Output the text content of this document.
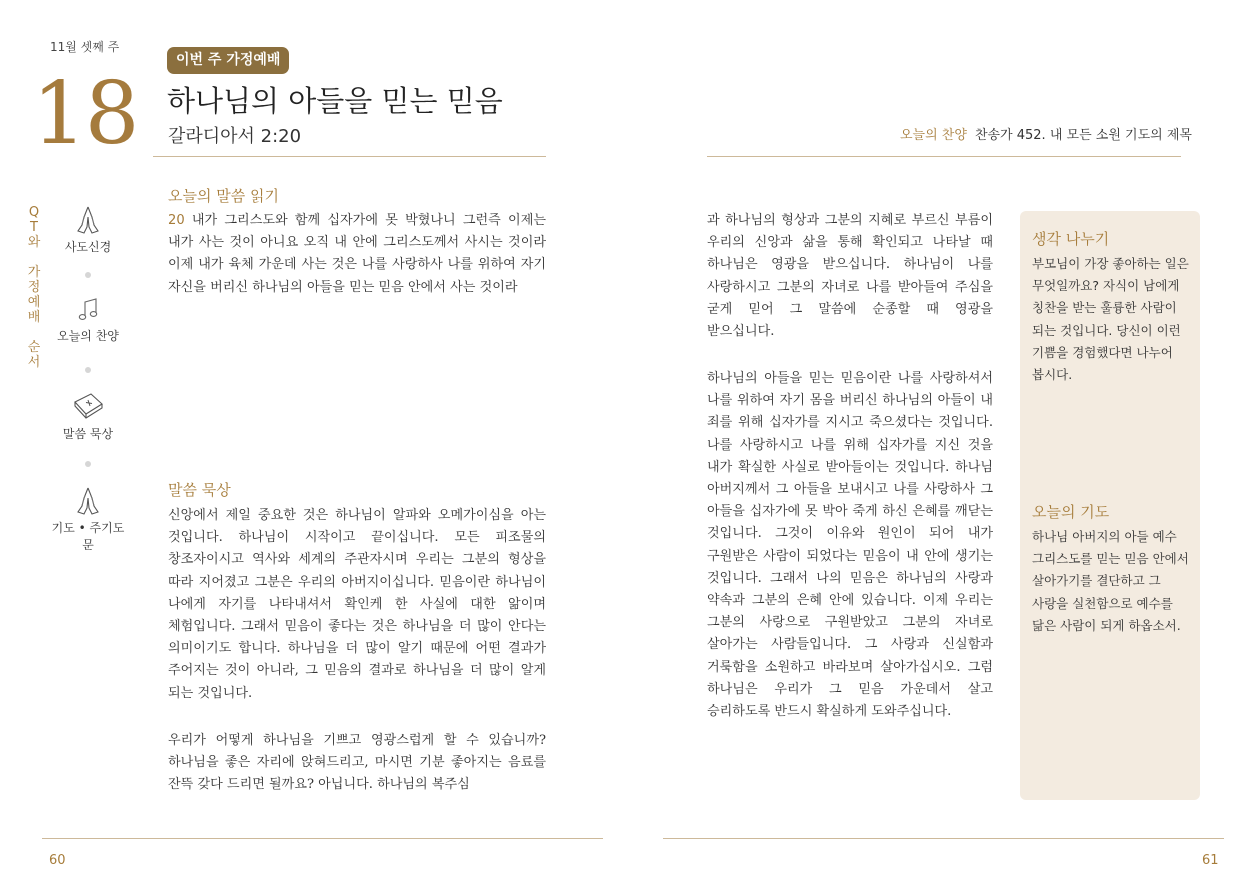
11월 셋째 주
18
이번 주 가정예배
하나님의 아들을 믿는 믿음
갈라디아서 2:20	오늘의 찬양 찬송가 452. 내 모든 소원 기도의 제목
Q
T
와
가
정
예
배
순
서
사도신경
오늘의 찬양
말씀 묵상
기도 • 주기도문
오늘의 말씀 읽기
20 내가 그리스도와 함께 십자가에 못 박혔나니 그런즉 이제는 내가 사는 것이 아니요 오직 내 안에 그리스도께서 사시는 것이라 이제 내가 육체 가운데 사는 것은 나를 사랑하사 나를 위하여 자기 자신을 버리신 하나님의 아들을 믿는 믿음 안에서 사는 것이라
말씀 묵상
신앙에서 제일 중요한 것은 하나님이 알파와 오메가이심을 아는 것입니다. 하나님이 시작이고 끝이십니다. 모든 피조물의 창조자이시고 역사와 세계의 주관자시며 우리는 그분의 형상을 따라 지어졌고 그분은 우리의 아버지이십니다. 믿음이란 하나님이 나에게 자기를 나타내셔서 확인케 한 사실에 대한 앎이며 체험입니다. 그래서 믿음이 좋다는 것은 하나님을 더 많이 안다는 의미이기도 합니다. 하나님을 더 많이 알기 때문에 어떤 결과가 주어지는 것이 아니라, 그 믿음의 결과로 하나님을 더 많이 알게 되는 것입니다.
우리가 어떻게 하나님을 기쁘고 영광스럽게 할 수 있습니까? 하나님을 좋은 자리에 앉혀드리고, 마시면 기분 좋아지는 음료를 잔뜩 갖다 드리면 될까요? 아닙니다. 하나님의 복주심
과 하나님의 형상과 그분의 지혜로 부르신 부름이 우리의 신앙과 삶을 통해 확인되고 나타날 때 하나님은 영광을 받으십니다. 하나님이 나를 사랑하시고 그분의 자녀로 나를 받아들여 주심을 굳게 믿어 그 말씀에 순종할 때 영광을 받으십니다.
하나님의 아들을 믿는 믿음이란 나를 사랑하셔서 나를 위하여 자기 몸을 버리신 하나님의 아들이 내 죄를 위해 십자가를 지시고 죽으셨다는 것입니다. 나를 사랑하시고 나를 위해 십자가를 지신 것을 내가 확실한 사실로 받아들이는 것입니다. 하나님 아버지께서 그 아들을 보내시고 나를 사랑하사 그 아들을 십자가에 못 박아 죽게 하신 은혜를 깨닫는 것입니다. 그것이 이유와 원인이 되어 내가 구원받은 사람이 되었다는 믿음이 내 안에 생기는 것입니다. 그래서 나의 믿음은 하나님의 사랑과 약속과 그분의 은혜 안에 있습니다. 이제 우리는 그분의 사랑으로 구원받았고 그분의 자녀로 살아가는 사람들입니다. 그 사랑과 신실함과 거룩함을 소원하고 바라보며 살아가십시오. 그럼 하나님은 우리가 그 믿음 가운데서 살고 승리하도록 반드시 확실하게 도와주십니다.
생각 나누기
부모님이 가장 좋아하는 일은 무엇일까요? 자식이 남에게 칭찬을 받는 훌륭한 사람이 되는 것입니다. 당신이 이런 기쁨을 경험했다면 나누어 봅시다.
오늘의 기도
하나님 아버지의 아들 예수 그리스도를 믿는 믿음 안에서 살아가기를 결단하고 그 사랑을 실천함으로 예수를 닮은 사람이 되게 하옵소서.
60	61
